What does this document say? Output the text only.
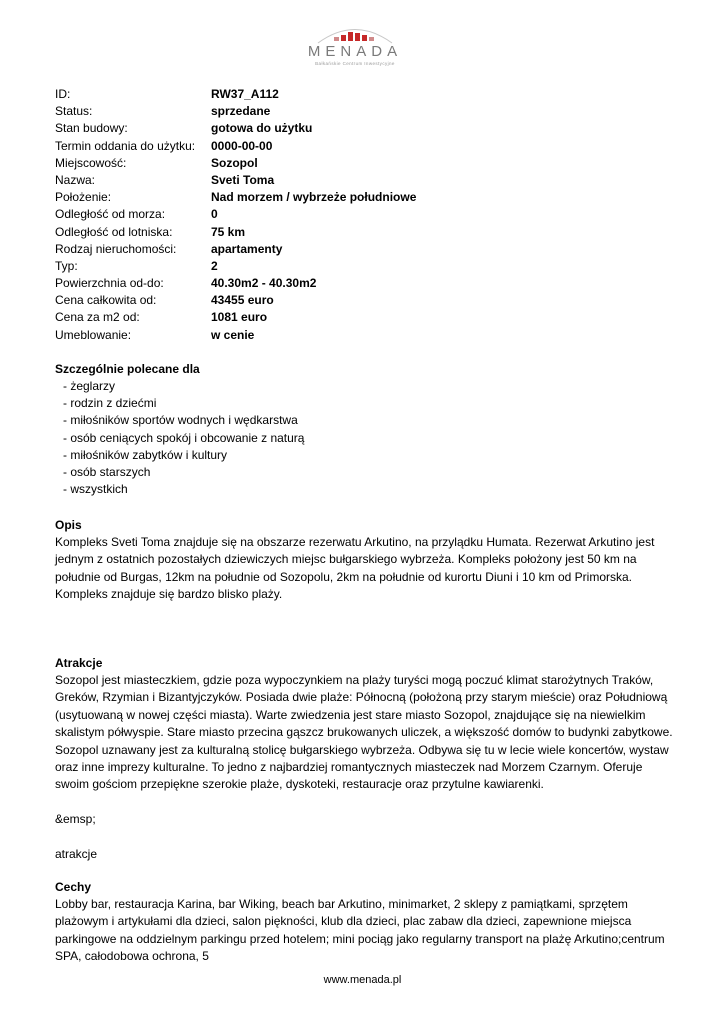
MENADA
Bałkańskie Centrum Inwestycyjne
ID:	RW37_A112
Status:	sprzedane
Stan budowy:	gotowa do użytku
Termin oddania do użytku: 0000-00-00
Miejscowość:	Sozopol
Nazwa:	Sveti Toma
Położenie:	Nad morzem / wybrzeże południowe
Odległość od morza:	0
Odległość od lotniska:	75 km
Rodzaj nieruchomości:	apartamenty
Typ:	2
Powierzchnia od-do:	40.30m2 - 40.30m2
Cena całkowita od:	43455 euro
Cena za m2 od:	1081 euro
Umeblowanie:	w cenie
Szczególnie polecane dla
- żeglarzy
- rodzin z dziećmi
- miłośników sportów wodnych i wędkarstwa
- osób ceniących spokój i obcowanie z naturą
- miłośników zabytków i kultury
- osób starszych
- wszystkich
Opis
Kompleks Sveti Toma znajduje się na obszarze rezerwatu Arkutino, na przylądku Humata. Rezerwat Arkutino jest jednym z ostatnich pozostałych dziewiczych miejsc bułgarskiego wybrzeża. Kompleks położony jest 50 km na południe od Burgas, 12km na południe od Sozopolu, 2km na południe od kurortu Diuni i 10 km od Primorska. Kompleks znajduje się bardzo blisko plaży.
Atrakcje
Sozopol jest miasteczkiem, gdzie poza wypoczynkiem na plaży turyści mogą poczuć klimat starożytnych Traków, Greków, Rzymian i Bizantyjczyków. Posiada dwie plaże: Północną (położoną przy starym mieście) oraz Południową (usytuowaną w nowej części miasta). Warte zwiedzenia jest stare miasto Sozopol, znajdujące się na niewielkim skalistym półwyspie. Stare miasto przecina gąszcz brukowanych uliczek, a większość domów to budynki zabytkowe. Sozopol uznawany jest za kulturalną stolicę bułgarskiego wybrzeża. Odbywa się tu w lecie wiele koncertów, wystaw oraz inne imprezy kulturalne. To jedno z najbardziej romantycznych miasteczek nad Morzem Czarnym. Oferuje swoim gościom przepiękne szerokie plaże, dyskoteki, restauracje oraz przytulne kawiarenki.
&emsp;
atrakcje
Cechy
Lobby bar, restauracja Karina, bar Wiking, beach bar Arkutino, minimarket, 2 sklepy z pamiątkami, sprzętem plażowym i artykułami dla dzieci, salon piękności, klub dla dzieci, plac zabaw dla dzieci, zapewnione miejsca parkingowe na oddzielnym parkingu przed hotelem; mini pociąg jako regularny transport na plażę Arkutino;centrum SPA, całodobowa ochrona, 5
www.menada.pl
